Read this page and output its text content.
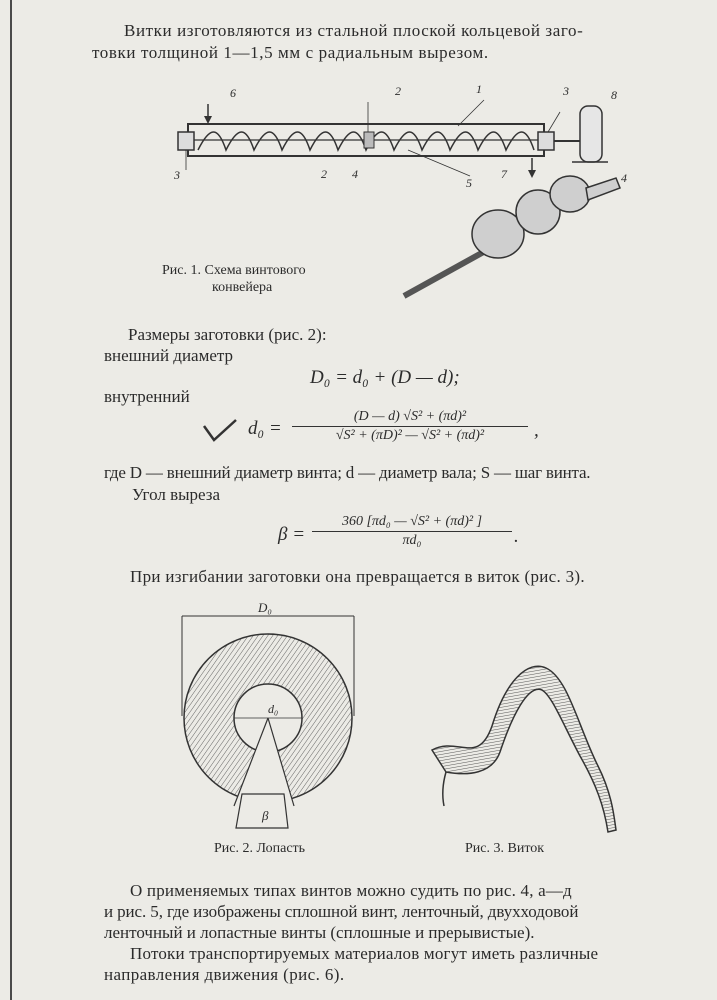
Витки изготовляются из стальной плоской кольцевой заго-
товки толщиной 1—1,5 мм с радиальным вырезом.
1
2
2
3
3	4	4
5
6
7
8
Рис. 1. Схема винтового
конвейера
Размеры заготовки (рис. 2):
внешний диаметр
D₀ = d₀ + (D — d);
внутренний
$d_0 = \frac{\text{(D — d) √S² + (πd)²}}{\text{√S² + (πD)² — √S² + (πd)²}}$ ,
где D — внешний диаметр винта; d — диаметр вала; S — шаг винта.
Угол выреза
$\beta = \frac{\text{360 [πd₀ — √S² + (πd)² ]}}{\text{πd₀}}$ .
При изгибании заготовки она превращается в виток (рис. 3).
D₀
d₀
β
Рис. 2. Лопасть	Рис. 3. Виток
О применяемых типах винтов можно судить по рис. 4, а—д
и рис. 5, где изображены сплошной винт, ленточный, двухходовой
ленточный и лопастные винты (сплошные и прерывистые).
Потоки транспортируемых материалов могут иметь различные
направления движения (рис. 6).
